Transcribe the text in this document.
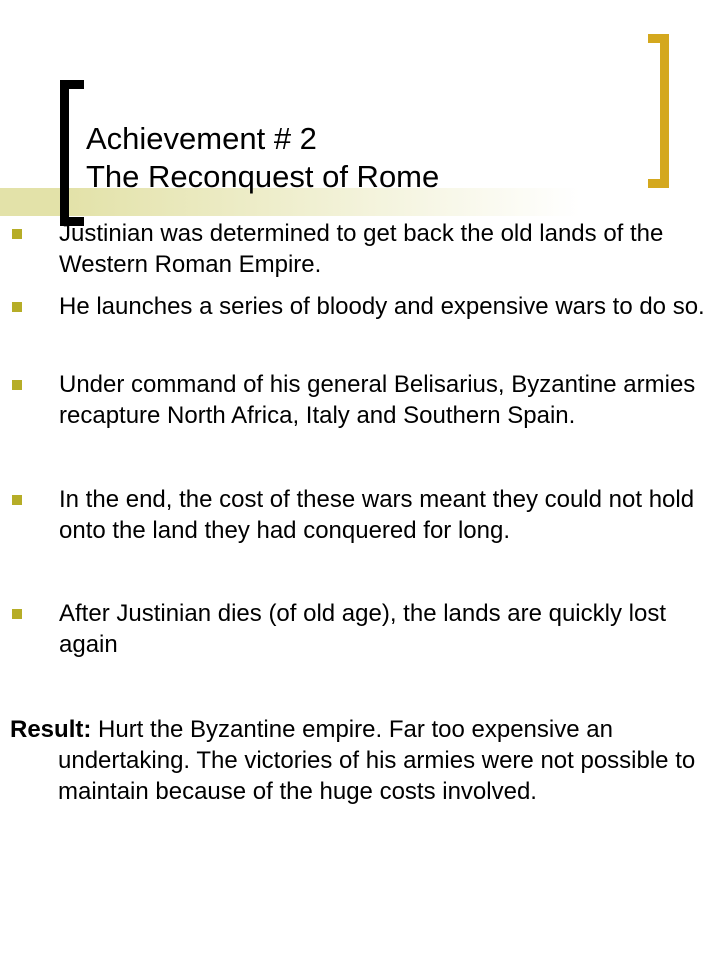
Achievement # 2
The Reconquest of Rome
Justinian was determined to get back the old lands of the Western Roman Empire.
He launches a series of bloody and expensive wars to do so.
Under command of his general Belisarius, Byzantine armies recapture North Africa, Italy and Southern Spain.
In the end, the cost of these wars meant they could not hold onto the land they had conquered for long.
After Justinian dies (of old age), the lands are quickly lost again

Result: Hurt the Byzantine empire. Far too expensive an undertaking. The victories of his armies were not possible to maintain because of the huge costs involved.
